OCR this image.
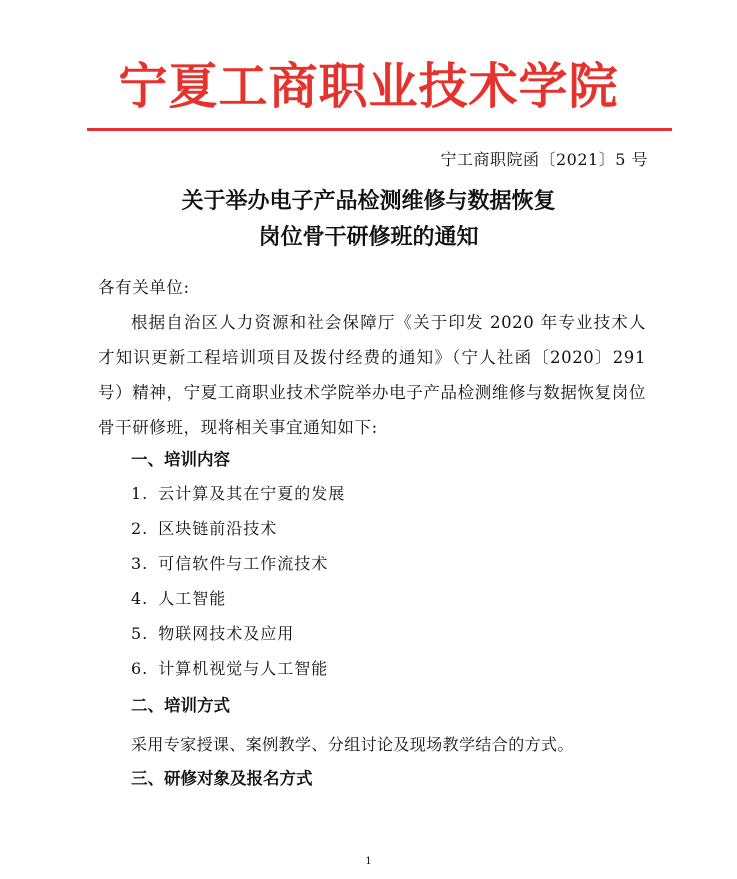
宁夏工商职业技术学院
宁工商职院函〔2021〕5 号
关于举办电子产品检测维修与数据恢复
岗位骨干研修班的通知
各有关单位:
根据自治区人力资源和社会保障厅《关于印发 2020 年专业技术人才知识更新工程培训项目及拨付经费的通知》（宁人社函〔2020〕291 号）精神，宁夏工商职业技术学院举办电子产品检测维修与数据恢复岗位骨干研修班，现将相关事宜通知如下:
一、培训内容
1. 云计算及其在宁夏的发展
2. 区块链前沿技术
3. 可信软件与工作流技术
4. 人工智能
5. 物联网技术及应用
6. 计算机视觉与人工智能
二、培训方式
采用专家授课、案例教学、分组讨论及现场教学结合的方式。
三、研修对象及报名方式
1
